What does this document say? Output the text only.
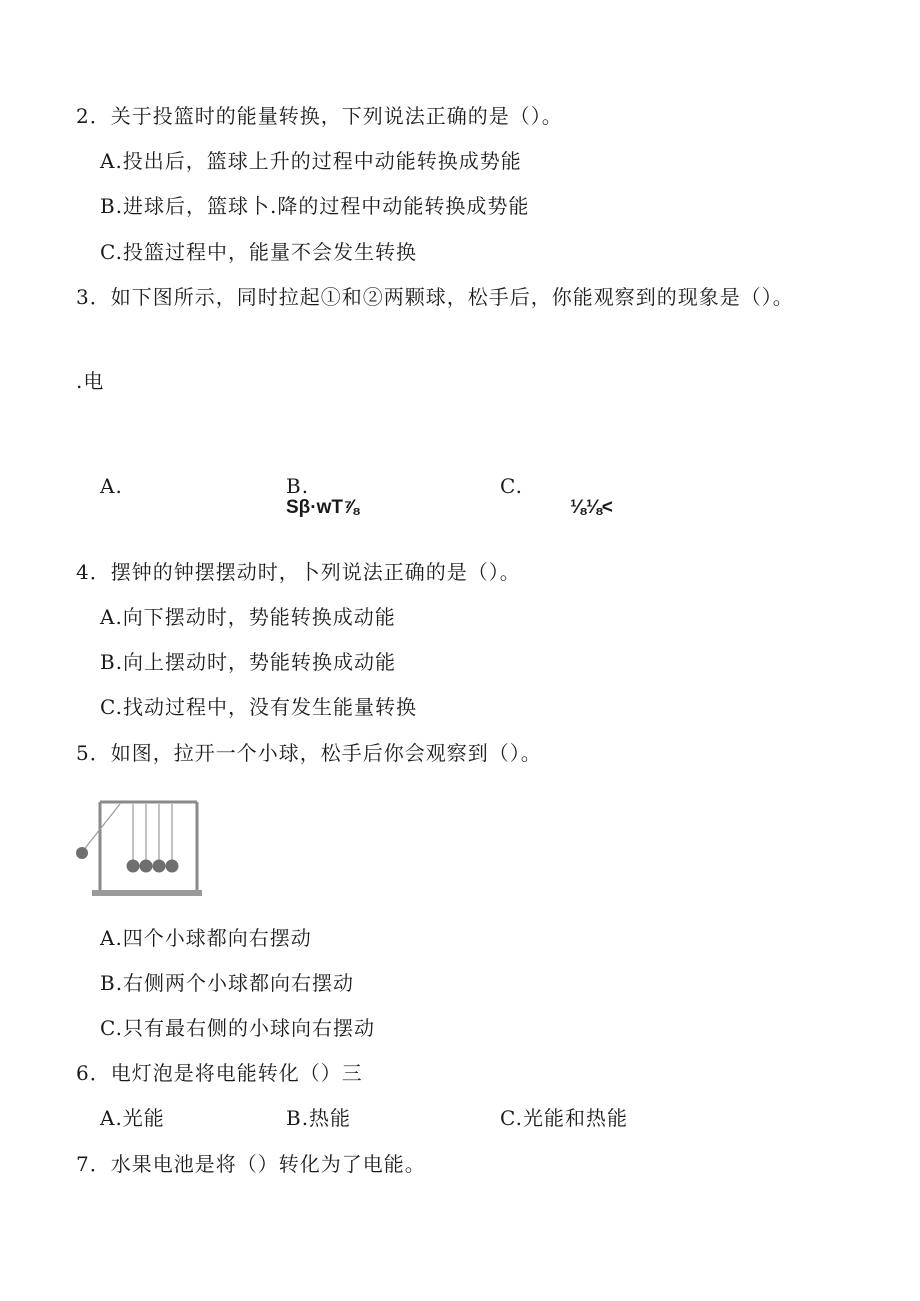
2．关于投篮时的能量转换，下列说法正确的是（）。
A.投出后，篮球上升的过程中动能转换成势能
B.进球后，篮球卜.降的过程中动能转换成势能
C.投篮过程中，能量不会发生转换
3．如下图所示，同时拉起①和②两颗球，松手后，你能观察到的现象是（）。
.电
A.	B.	C.
Sβ·wT⅞	⅛⅛<
4．摆钟的钟摆摆动时，卜列说法正确的是（）。
A.向下摆动时，势能转换成动能
B.向上摆动时，势能转换成动能
C.找动过程中，没有发生能量转换
5．如图，拉开一个小球，松手后你会观察到（）。
A.四个小球都向右摆动
B.右侧两个小球都向右摆动
C.只有最右侧的小球向右摆动
6．电灯泡是将电能转化（）三
A.光能	B.热能	C.光能和热能
7．水果电池是将（）转化为了电能。
